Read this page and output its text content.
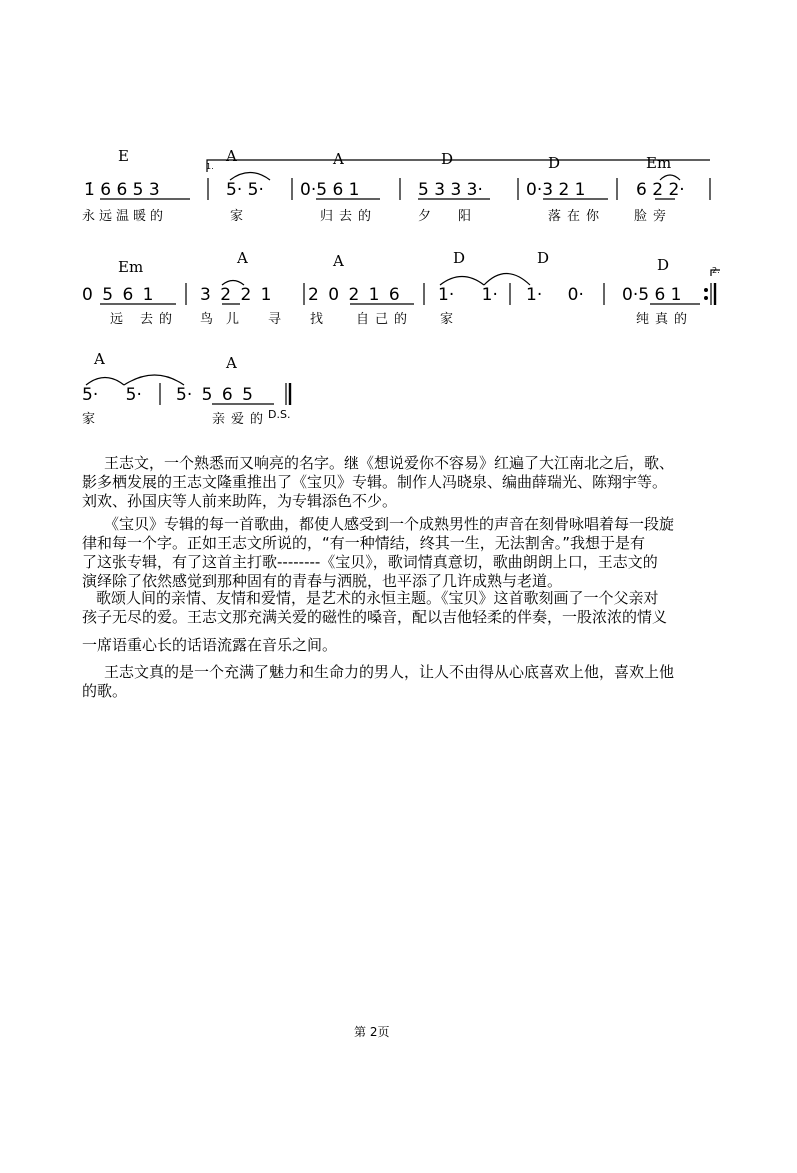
E	A	A	D	D	Em
1.
1̇ 6 6 5 3	5· 5· 0·5 6 1	5 3 3 3·	0·3 2 1	6 2 2·
永远温暖的	家	归去的	夕 阳	落在你 脸旁
Em	A	A	D	D	D	2.
0 5 6 1	3 2 2 1 2 0 2 1 6 1· 1· 1· 0· 0·5 6 1
远 去的 鸟 儿 寻 找	自己的 家	纯真的
A	A
5· 5· 5· 5 6 5
家	亲爱的
D.S.
王志文，一个熟悉而又响亮的名字。继《想说爱你不容易》红遍了大江南北之后，歌、
影多栖发展的王志文隆重推出了《宝贝》专辑。制作人冯晓泉、编曲薛瑞光、陈翔宇等。
刘欢、孙国庆等人前来助阵，为专辑添色不少。
《宝贝》专辑的每一首歌曲，都使人感受到一个成熟男性的声音在刻骨咏唱着每一段旋
律和每一个字。正如王志文所说的，“有一种情结，终其一生，无法割舍。”我想于是有
了这张专辑，有了这首主打歌--------《宝贝》，歌词情真意切，歌曲朗朗上口，王志文的
演绎除了依然感觉到那种固有的青春与洒脱，也平添了几许成熟与老道。
歌颂人间的亲情、友情和爱情，是艺术的永恒主题。《宝贝》这首歌刻画了一个父亲对
孩子无尽的爱。王志文那充满关爱的磁性的嗓音，配以吉他轻柔的伴奏，一股浓浓的情义
一席语重心长的话语流露在音乐之间。
王志文真的是一个充满了魅力和生命力的男人，让人不由得从心底喜欢上他，喜欢上他
的歌。
第 2页
